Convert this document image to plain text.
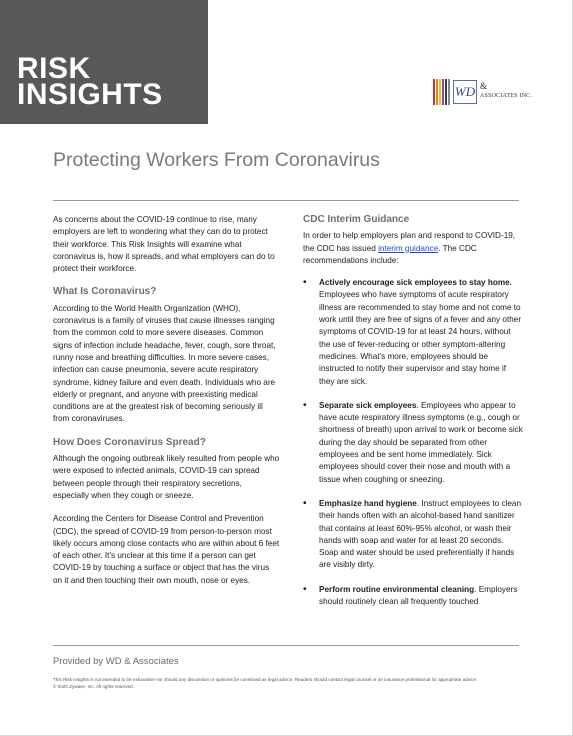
RISK
INSIGHTS	WD &
ASSOCIATES INC.
Protecting Workers From Coronavirus

As concerns about the COVID-19 continue to rise, many employers are left to wondering what they can do to protect their workforce. This Risk Insights will examine what coronavirus is, how it spreads, and what employers can do to protect their workforce.

What Is Coronavirus?

According to the World Health Organization (WHO), coronavirus is a family of viruses that cause illnesses ranging from the common cold to more severe diseases. Common signs of infection include headache, fever, cough, sore throat, runny nose and breathing difficulties. In more severe cases, infection can cause pneumonia, severe acute respiratory syndrome, kidney failure and even death. Individuals who are elderly or pregnant, and anyone with preexisting medical conditions are at the greatest risk of becoming seriously ill from coronaviruses.

How Does Coronavirus Spread?

Although the ongoing outbreak likely resulted from people who were exposed to infected animals, COVID-19 can spread between people through their respiratory secretions, especially when they cough or sneeze.

According the Centers for Disease Control and Prevention (CDC), the spread of COVID-19 from person-to-person most likely occurs among close contacts who are within about 6 feet of each other. It's unclear at this time if a person can get COVID-19 by touching a surface or object that has the virus on it and then touching their own mouth, nose or eyes.

CDC Interim Guidance

In order to help employers plan and respond to COVID-19, the CDC has issued interim guidance. The CDC recommendations include:

• Actively encourage sick employees to stay home. Employees who have symptoms of acute respiratory illness are recommended to stay home and not come to work until they are free of signs of a fever and any other symptoms of COVID-19 for at least 24 hours, without the use of fever-reducing or other symptom-altering medicines. What's more, employees should be instructed to notify their supervisor and stay home if they are sick.
• Separate sick employees. Employees who appear to have acute respiratory illness symptoms (e.g., cough or shortness of breath) upon arrival to work or become sick during the day should be separated from other employees and be sent home immediately. Sick employees should cover their nose and mouth with a tissue when coughing or sneezing.
• Emphasize hand hygiene. Instruct employees to clean their hands often with an alcohol-based hand sanitizer that contains at least 60%-95% alcohol, or wash their hands with soap and water for at least 20 seconds. Soap and water should be used preferentially if hands are visibly dirty.
• Perform routine environmental cleaning. Employers should routinely clean all frequently touched
Provided by WD & Associates
This Risk Insights is not intended to be exhaustive nor should any discussion or opinions be construed as legal advice. Readers should contact legal counsel or an insurance professional for appropriate advice.
© 2020 Zywave, Inc. All rights reserved.
